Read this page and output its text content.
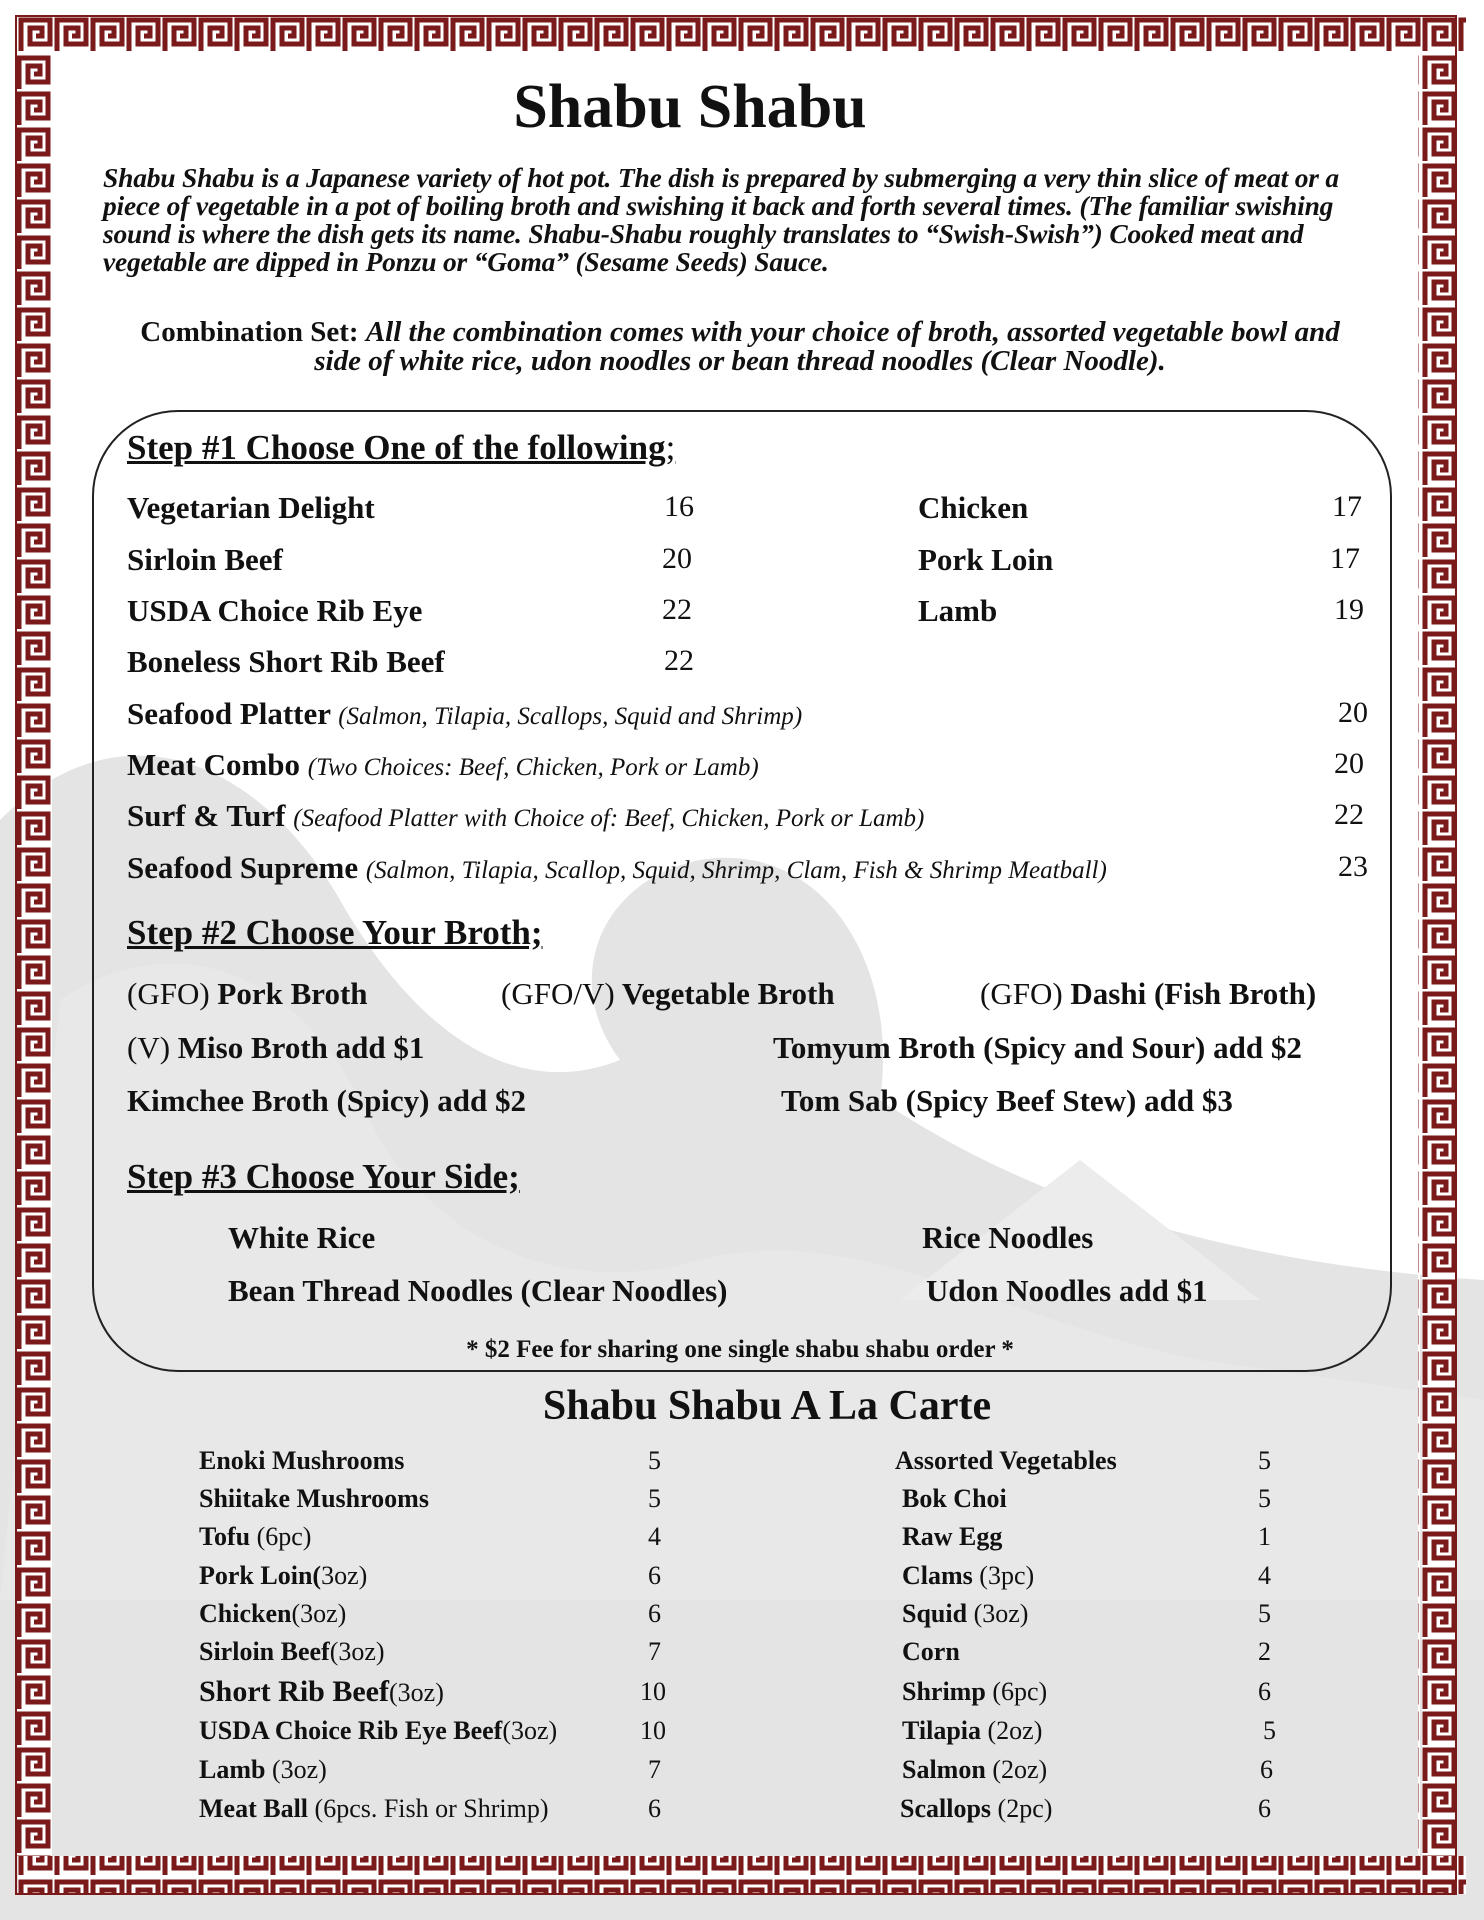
Shabu Shabu
Shabu Shabu is a Japanese variety of hot pot. The dish is prepared by submerging a very thin slice of meat or a piece of vegetable in a pot of boiling broth and swishing it back and forth several times. (The familiar swishing sound is where the dish gets its name. Shabu-Shabu roughly translates to “Swish-Swish”) Cooked meat and vegetable are dipped in Ponzu or “Goma” (Sesame Seeds) Sauce.
Combination Set: All the combination comes with your choice of broth, assorted vegetable bowl and side of white rice, udon noodles or bean thread noodles (Clear Noodle).
Step #1 Choose One of the following;
Vegetarian Delight	16
Sirloin Beef	20
USDA Choice Rib Eye	22
Boneless Short Rib Beef	22
Chicken	17
Pork Loin	17
Lamb	19
Seafood Platter (Salmon, Tilapia, Scallops, Squid and Shrimp)	20
Meat Combo (Two Choices: Beef, Chicken, Pork or Lamb)	20
Surf & Turf (Seafood Platter with Choice of: Beef, Chicken, Pork or Lamb)	22
Seafood Supreme (Salmon, Tilapia, Scallop, Squid, Shrimp, Clam, Fish & Shrimp Meatball)	23
Step #2 Choose Your Broth;
(GFO) Pork Broth	(GFO/V) Vegetable Broth	(GFO) Dashi (Fish Broth)
(V) Miso Broth add $1	Tomyum Broth (Spicy and Sour) add $2
Kimchee Broth (Spicy) add $2	Tom Sab (Spicy Beef Stew) add $3
Step #3 Choose Your Side;
White Rice	Rice Noodles
Bean Thread Noodles (Clear Noodles)	Udon Noodles add $1
* $2 Fee for sharing one single shabu shabu order *
Shabu Shabu A La Carte
Enoki Mushrooms	5
Shiitake Mushrooms	5
Tofu (6pc)	4
Pork Loin(3oz)	6
Chicken(3oz)	6
Sirloin Beef(3oz)	7
Short Rib Beef(3oz)	10
USDA Choice Rib Eye Beef(3oz)	10
Lamb (3oz)	7
Meat Ball (6pcs. Fish or Shrimp)	6
Assorted Vegetables	5
Bok Choi	5
Raw Egg	1
Clams (3pc)	4
Squid (3oz)	5
Corn	2
Shrimp (6pc)	6
Tilapia (2oz)	5
Salmon (2oz)	6
Scallops (2pc)	6
